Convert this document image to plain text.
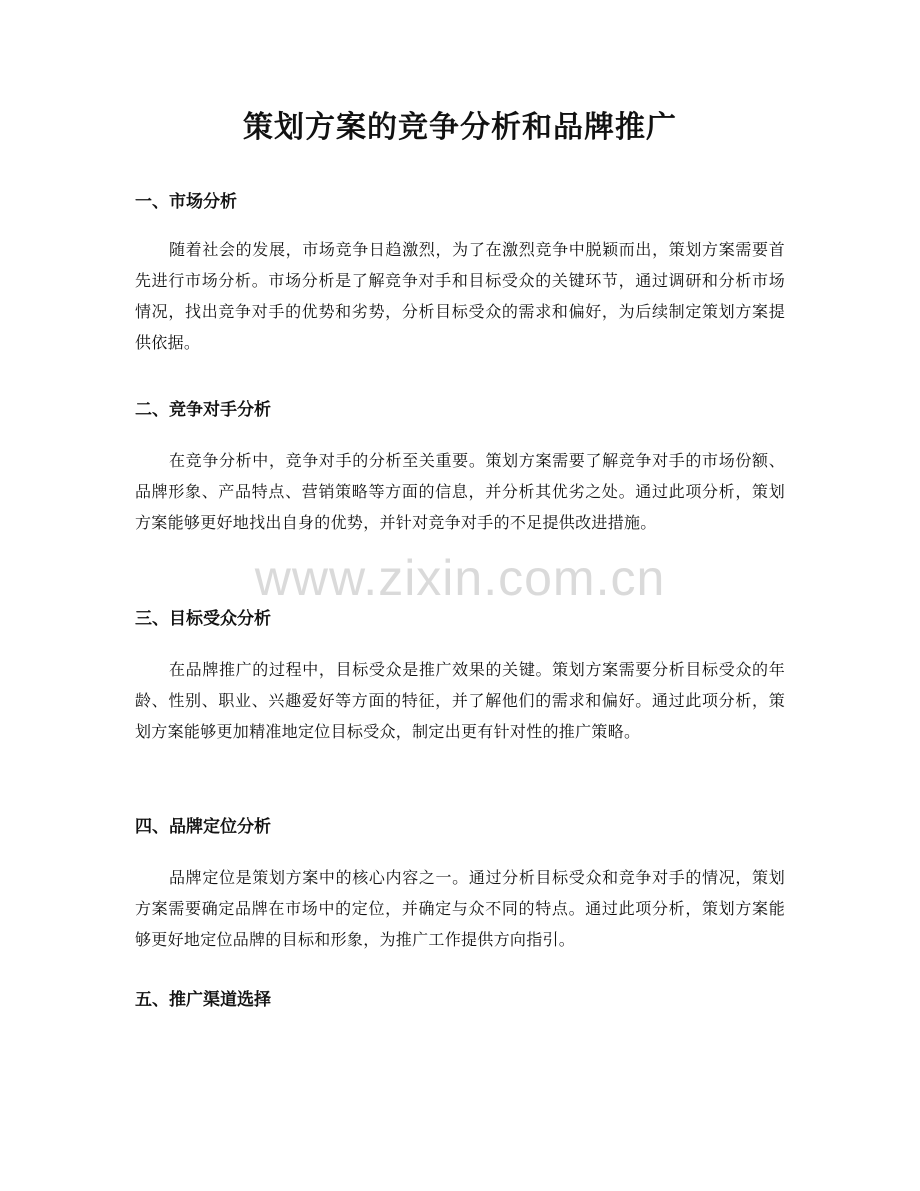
策划方案的竞争分析和品牌推广
一、市场分析

随着社会的发展，市场竞争日趋激烈，为了在激烈竞争中脱颖而出，策划方案需要首先进行市场分析。市场分析是了解竞争对手和目标受众的关键环节，通过调研和分析市场情况，找出竞争对手的优势和劣势，分析目标受众的需求和偏好，为后续制定策划方案提供依据。

二、竞争对手分析

在竞争分析中，竞争对手的分析至关重要。策划方案需要了解竞争对手的市场份额、品牌形象、产品特点、营销策略等方面的信息，并分析其优劣之处。通过此项分析，策划方案能够更好地找出自身的优势，并针对竞争对手的不足提供改进措施。

三、目标受众分析

在品牌推广的过程中，目标受众是推广效果的关键。策划方案需要分析目标受众的年龄、性别、职业、兴趣爱好等方面的特征，并了解他们的需求和偏好。通过此项分析，策划方案能够更加精准地定位目标受众，制定出更有针对性的推广策略。

四、品牌定位分析

品牌定位是策划方案中的核心内容之一。通过分析目标受众和竞争对手的情况，策划方案需要确定品牌在市场中的定位，并确定与众不同的特点。通过此项分析，策划方案能够更好地定位品牌的目标和形象，为推广工作提供方向指引。

五、推广渠道选择
www.zixin.com.cn
